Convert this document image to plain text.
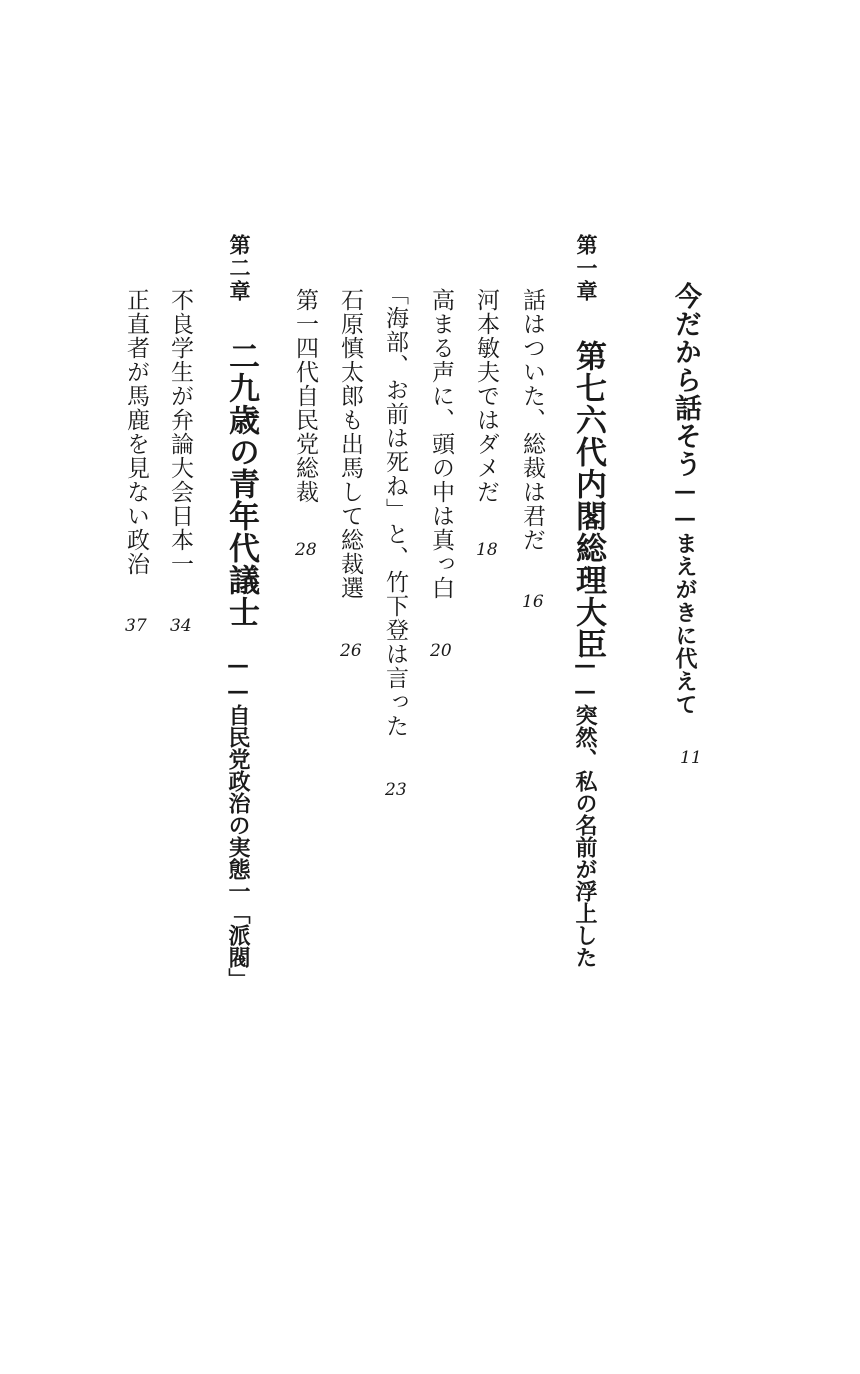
今だから話そう——まえがきに代えて
11
第一章
第七六代内閣総理大臣
——突然、私の名前が浮上した
話はついた、総裁は君だ
16
河本敏夫ではダメだ
18
高まる声に、頭の中は真っ白
20
「海部、お前は死ね」と、竹下登は言った
23
石原慎太郎も出馬して総裁選
26
第一四代自民党総裁
28
第二章
二九歳の青年代議士
——自民党政治の実態一「派閥」
不良学生が弁論大会日本一
34
正直者が馬鹿を見ない政治
37
